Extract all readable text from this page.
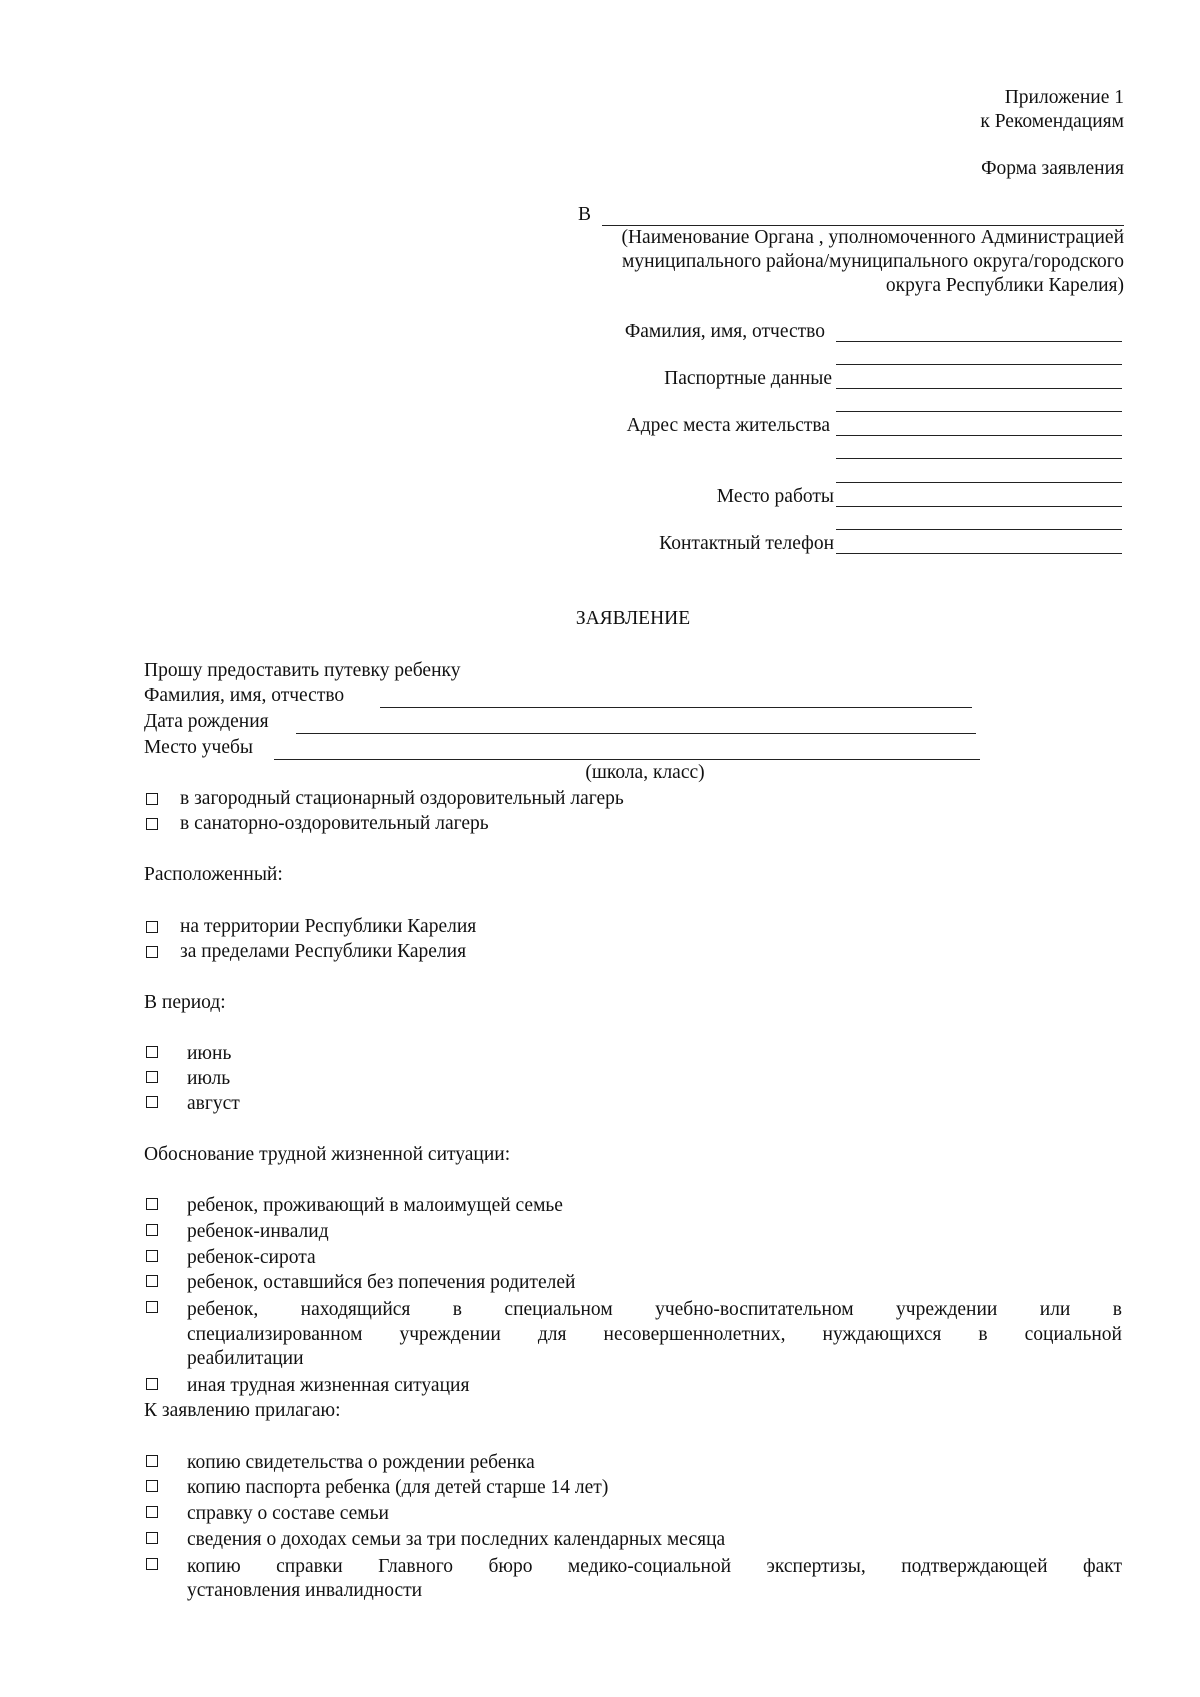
Приложение 1
к Рекомендациям
Форма заявления
В
(Наименование Органа , уполномоченного Администрацией
муниципального района/муниципального округа/городского
округа Республики Карелия)
Фамилия, имя, отчество
Паспортные данные
Адрес места жительства
Место работы
Контактный телефон
ЗАЯВЛЕНИЕ
Прошу предоставить путевку ребенку
Фамилия, имя, отчество
Дата рождения
Место учебы
(школа, класс)
в загородный стационарный оздоровительный лагерь
в санаторно-оздоровительный лагерь
Расположенный:
на территории Республики Карелия
за пределами Республики Карелия
В период:
июнь
июль
август
Обоснование трудной жизненной ситуации:
ребенок, проживающий в малоимущей семье
ребенок-инвалид
ребенок-сирота
ребенок, оставшийся без попечения родителей
ребенок, находящийся в специальном учебно-воспитательном учреждении или в
специализированном учреждении для несовершеннолетних, нуждающихся в социальной
реабилитации
иная трудная жизненная ситуация
К заявлению прилагаю:
копию свидетельства о рождении ребенка
копию паспорта ребенка (для детей старше 14 лет)
справку о составе семьи
сведения о доходах семьи за три последних календарных месяца
копию справки Главного бюро медико-социальной экспертизы, подтверждающей факт
установления инвалидности
